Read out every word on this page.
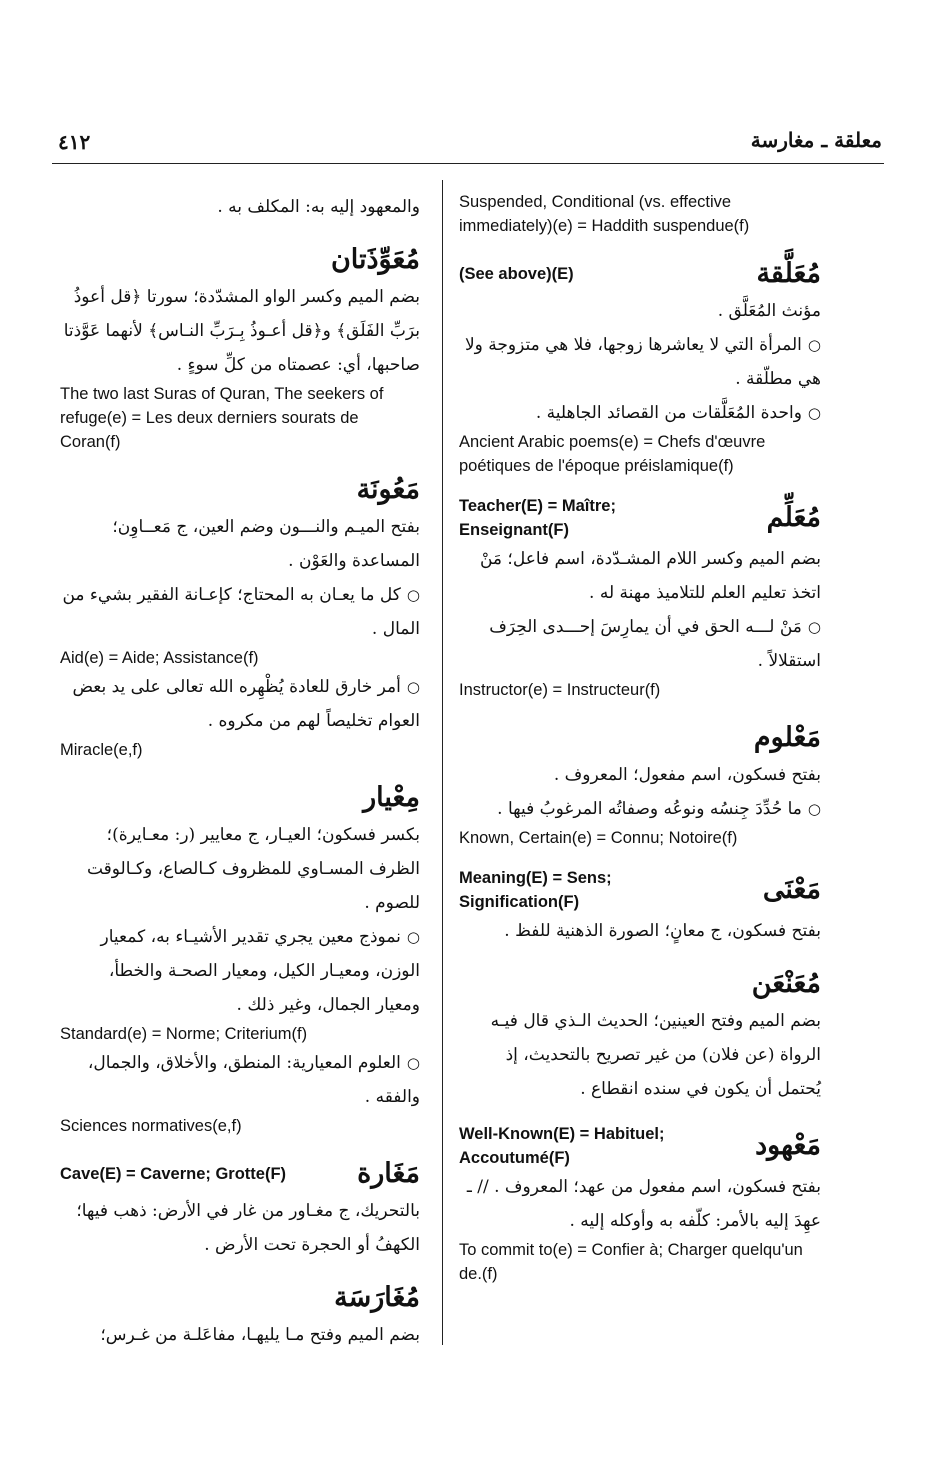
٤١٢	معلقة ـ مغارسة
Suspended, Conditional (vs. effective immediately)(e) = Haddith suspendue(f)
(See above)(E)	مُعَلَّقة
مؤنث المُعَلَّق .
○المرأة التي لا يعاشرها زوجها، فلا هي متزوجة ولا هي مطلّقة .
○واحدة المُعَلَّقات من القصائد الجاهلية .
Ancient Arabic poems(e) = Chefs d'œuvre poétiques de l'époque préislamique(f)
Teacher(E) = Maître; Enseignant(F)	مُعَلِّم
بضم الميم وكسر اللام المشـدّدة، اسم فاعل؛ مَنْ اتخذ تعليم العلم للتلاميذ مهنة له .
○مَنْ لـــه الحق في أن يمارِسَ إحـــدى الحِرَف استقلالاً .
Instructor(e) = Instructeur(f)
مَعْلوم
بفتح فسكون، اسم مفعول؛ المعروف .
○ما حُدِّدَ جِنسُه ونوعُه وصفاتُه المرغوبُ فيها .
Known, Certain(e) = Connu; Notoire(f)
Meaning(E) = Sens; Signification(F)	مَعْنَى
بفتح فسكون، ج معانٍ؛ الصورة الذهنية للفظ .
مُعَنْعَن
بضم الميم وفتح العينين؛ الحديث الـذي قال فيـه الرواة (عن فلان) من غير تصريح بالتحديث، إذ يُحتمل أن يكون في سنده انقطاع .
Well-Known(E) = Habituel; Accoutumé(F)	مَعْهود
بفتح فسكون، اسم مفعول من عهد؛ المعروف . // ـ عهِدَ إليه بالأمر: كلّفه به وأوكله إليه .
To commit to(e) = Confier à; Charger quelqu'un de.(f)
والمعهود إليه به: المكلف به .
مُعَوِّذَتان
بضم الميم وكسر الواو المشدّدة؛ سورتا ﴿قل أعوذُ برَبِّ الفَلَق﴾ و﴿قل أعـوذُ بِـرَبِّ النـاس﴾ لأنهما عَوَّذتا صاحبها، أي: عصمتاه من كلِّ سوءٍ .
The two last Suras of Quran, The seekers of refuge(e) = Les deux derniers sourats de Coran(f)
مَعُونَة
بفتح الميـم والنـــون وضم العين، ج مَعــاوِن؛ المساعدة والعَوْن .
○كل ما يعـان به المحتاج؛ كإعـانة الفقير بشيء من المال .
Aid(e) = Aide; Assistance(f)
○أمر خارق للعادة يُظْهِره الله تعالى على يد بعض العوام تخليصاً لهم من مكروه .
Miracle(e,f)
مِعْيار
بكسر فسكون؛ العيـار، ج معايير (ر: معـايرة)؛ الظرف المسـاوي للمظروف كـالصاع، وكـالوقت للصوم .
○نموذج معين يجري تقدير الأشيـاء به، كمعيار الوزن، ومعيـار الكيل، ومعيار الصحـة والخطأ، ومعيار الجمال، وغير ذلك .
Standard(e) = Norme; Criterium(f)
○العلوم المعيارية: المنطق، والأخلاق، والجمال، والفقه .
Sciences normatives(e,f)
Cave(E) = Caverne; Grotte(F)	مَغَارة
بالتحريك، ج مغـاور من غار في الأرض: ذهب فيها؛ الكهفُ أو الحجرة تحت الأرض .
مُغَارَسَة
بضم الميم وفتح مـا يليهـا، مفاعَلـة من غـرس؛
